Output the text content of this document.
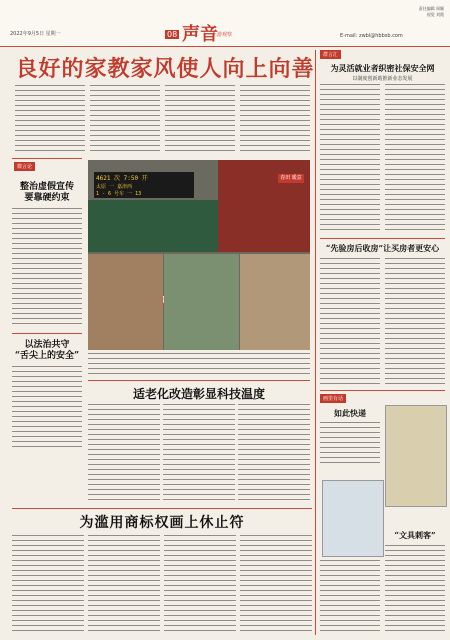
2022年9月5日 星期一	08 声音
上游观察
责任编辑 周颖
视觉 刘霞
E-mail: zwbl@hbbsb.com
良好的家教家风使人向上向善
微言论
整治虚假宣传
要靠硬约束
以法治共守
“舌尖上的安全”
4621 次 7:50 开
太原 一 嘉津西
1 - 6 号车 一 13
春田 暖意
适老化改造彰显科技温度
为滥用商标权画上休止符
群言汇
为灵活就业者织密社保安全网
以制度创新助推新业态发展
“先验房后收房”让买房者更安心
画里有话
如此快递
“文具刺客”
